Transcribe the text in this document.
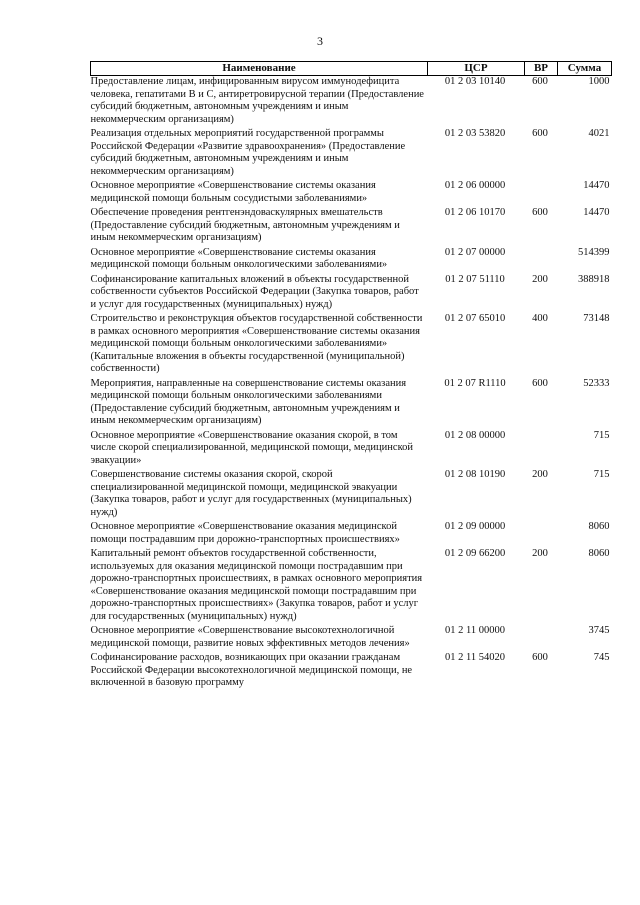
3
Наименование	ЦСР	ВР	Сумма
Предоставление лицам, инфицированным вирусом иммунодефицита человека, гепатитами В и С, антиретровирусной терапии (Предоставление субсидий бюджетным, автономным учреждениям и иным некоммерческим организациям)	01 2 03 10140	600	1000
Реализация отдельных мероприятий государственной программы Российской Федерации «Развитие здравоохранения» (Предоставление субсидий бюджетным, автономным учреждениям и иным некоммерческим организациям)	01 2 03 53820	600	4021
Основное мероприятие «Совершенствование системы оказания медицинской помощи больным сосудистыми заболеваниями»	01 2 06 00000		14470
Обеспечение проведения рентгенэндоваскулярных вмешательств (Предоставление субсидий бюджетным, автономным учреждениям и иным некоммерческим организациям)	01 2 06 10170	600	14470
Основное мероприятие «Совершенствование системы оказания медицинской помощи больным онкологическими заболеваниями»	01 2 07 00000		514399
Софинансирование капитальных вложений в объекты государственной собственности субъектов Российской Федерации (Закупка товаров, работ и услуг для государственных (муниципальных) нужд)	01 2 07 51110	200	388918
Строительство и реконструкция объектов государственной собственности в рамках основного мероприятия «Совершенствование системы оказания медицинской помощи больным онкологическими заболеваниями» (Капитальные вложения в объекты государственной (муниципальной) собственности)	01 2 07 65010	400	73148
Мероприятия, направленные на совершенствование системы оказания медицинской помощи больным онкологическими заболеваниями (Предоставление субсидий бюджетным, автономным учреждениям и иным некоммерческим организациям)	01 2 07 R1110	600	52333
Основное мероприятие «Совершенствование оказания скорой, в том числе скорой специализированной, медицинской помощи, медицинской эвакуации»	01 2 08 00000		715
Совершенствование системы оказания скорой, скорой специализированной медицинской помощи, медицинской эвакуации (Закупка товаров, работ и услуг для государственных (муниципальных) нужд)	01 2 08 10190	200	715
Основное мероприятие «Совершенствование оказания медицинской помощи пострадавшим при дорожно-транспортных происшествиях»	01 2 09 00000		8060
Капитальный ремонт объектов государственной собственности, используемых для оказания медицинской помощи пострадавшим при дорожно-транспортных происшествиях, в рамках основного мероприятия «Совершенствование оказания медицинской помощи пострадавшим при дорожно-транспортных происшествиях» (Закупка товаров, работ и услуг для государственных (муниципальных) нужд)	01 2 09 66200	200	8060
Основное мероприятие «Совершенствование высокотехнологичной медицинской помощи, развитие новых эффективных методов лечения»	01 2 11 00000		3745
Софинансирование расходов, возникающих при оказании гражданам Российской Федерации высокотехнологичной медицинской помощи, не включенной в базовую программу	01 2 11 54020	600	745
